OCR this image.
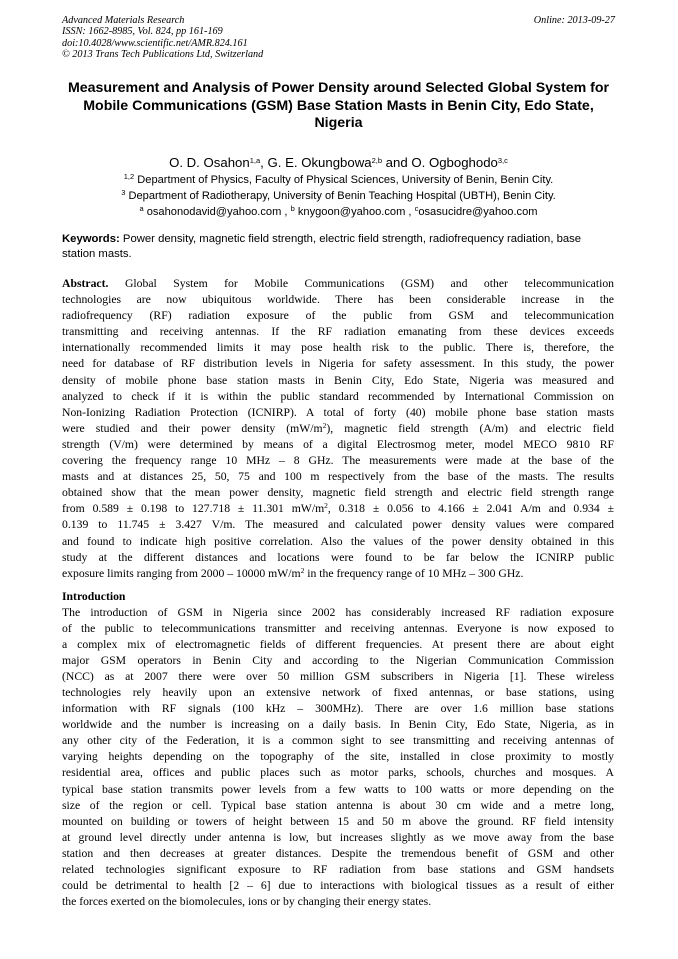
Advanced Materials Research
ISSN: 1662-8985, Vol. 824, pp 161-169
doi:10.4028/www.scientific.net/AMR.824.161
© 2013 Trans Tech Publications Ltd, Switzerland
Online: 2013-09-27
Measurement and Analysis of Power Density around Selected Global System for Mobile Communications (GSM) Base Station Masts in Benin City, Edo State, Nigeria
O. D. Osahon$^{1,a}$, G. E. Okungbowa$^{2,b}$ and O. Ogboghodo$^{3,c}$
$^{1,2}$ Department of Physics, Faculty of Physical Sciences, University of Benin, Benin City.
$^3$ Department of Radiotherapy, University of Benin Teaching Hospital (UBTH), Benin City.
$^a$ osahonodavid@yahoo.com , $^b$ knygoon@yahoo.com , $^c$osasucidre@yahoo.com
Keywords: Power density, magnetic field strength, electric field strength, radiofrequency radiation, base station masts.
Abstract. Global System for Mobile Communications (GSM) and other telecommunication
technologies are now ubiquitous worldwide. There has been considerable increase in the
radiofrequency (RF) radiation exposure of the public from GSM and telecommunication
transmitting and receiving antennas. If the RF radiation emanating from these devices exceeds
internationally recommended limits it may pose health risk to the public. There is, therefore, the
need for database of RF distribution levels in Nigeria for safety assessment. In this study, the power
density of mobile phone base station masts in Benin City, Edo State, Nigeria was measured and
analyzed to check if it is within the public standard recommended by International Commission on
Non-Ionizing Radiation Protection (ICNIRP). A total of forty (40) mobile phone base station masts
were studied and their power density $(mW/m^2)$, magnetic field strength (A/m) and electric field
strength (V/m) were determined by means of a digital Electrosmog meter, model MECO 9810 RF
covering the frequency range 10 MHz – 8 GHz. The measurements were made at the base of the
masts and at distances 25, 50, 75 and 100 m respectively from the base of the masts. The results
obtained show that the mean power density, magnetic field strength and electric field strength range
from 0.589 ± 0.198 to 127.718 ± 11.301 $mW/m^2$, 0.318 ± 0.056 to 4.166 ± 2.041 A/m and 0.934 ±
0.139 to 11.745 ± 3.427 V/m. The measured and calculated power density values were compared
and found to indicate high positive correlation. Also the values of the power density obtained in this
study at the different distances and locations were found to be far below the ICNIRP public
exposure limits ranging from 2000 – 10000 $mW/m^2$ in the frequency range of 10 MHz – 300 GHz.
Introduction
The introduction of GSM in Nigeria since 2002 has considerably increased RF radiation exposure
of the public to telecommunications transmitter and receiving antennas. Everyone is now exposed to
a complex mix of electromagnetic fields of different frequencies. At present there are about eight
major GSM operators in Benin City and according to the Nigerian Communication Commission
(NCC) as at 2007 there were over 50 million GSM subscribers in Nigeria [1]. These wireless
technologies rely heavily upon an extensive network of fixed antennas, or base stations, using
information with RF signals (100 kHz – 300MHz). There are over 1.6 million base stations
worldwide and the number is increasing on a daily basis. In Benin City, Edo State, Nigeria, as in
any other city of the Federation, it is a common sight to see transmitting and receiving antennas of
varying heights depending on the topography of the site, installed in close proximity to mostly
residential area, offices and public places such as motor parks, schools, churches and mosques. A
typical base station transmits power levels from a few watts to 100 watts or more depending on the
size of the region or cell. Typical base station antenna is about 30 cm wide and a metre long,
mounted on building or towers of height between 15 and 50 m above the ground. RF field intensity
at ground level directly under antenna is low, but increases slightly as we move away from the base
station and then decreases at greater distances. Despite the tremendous benefit of GSM and other
related technologies significant exposure to RF radiation from base stations and GSM handsets
could be detrimental to health [2 – 6] due to interactions with biological tissues as a result of either
the forces exerted on the biomolecules, ions or by changing their energy states.
